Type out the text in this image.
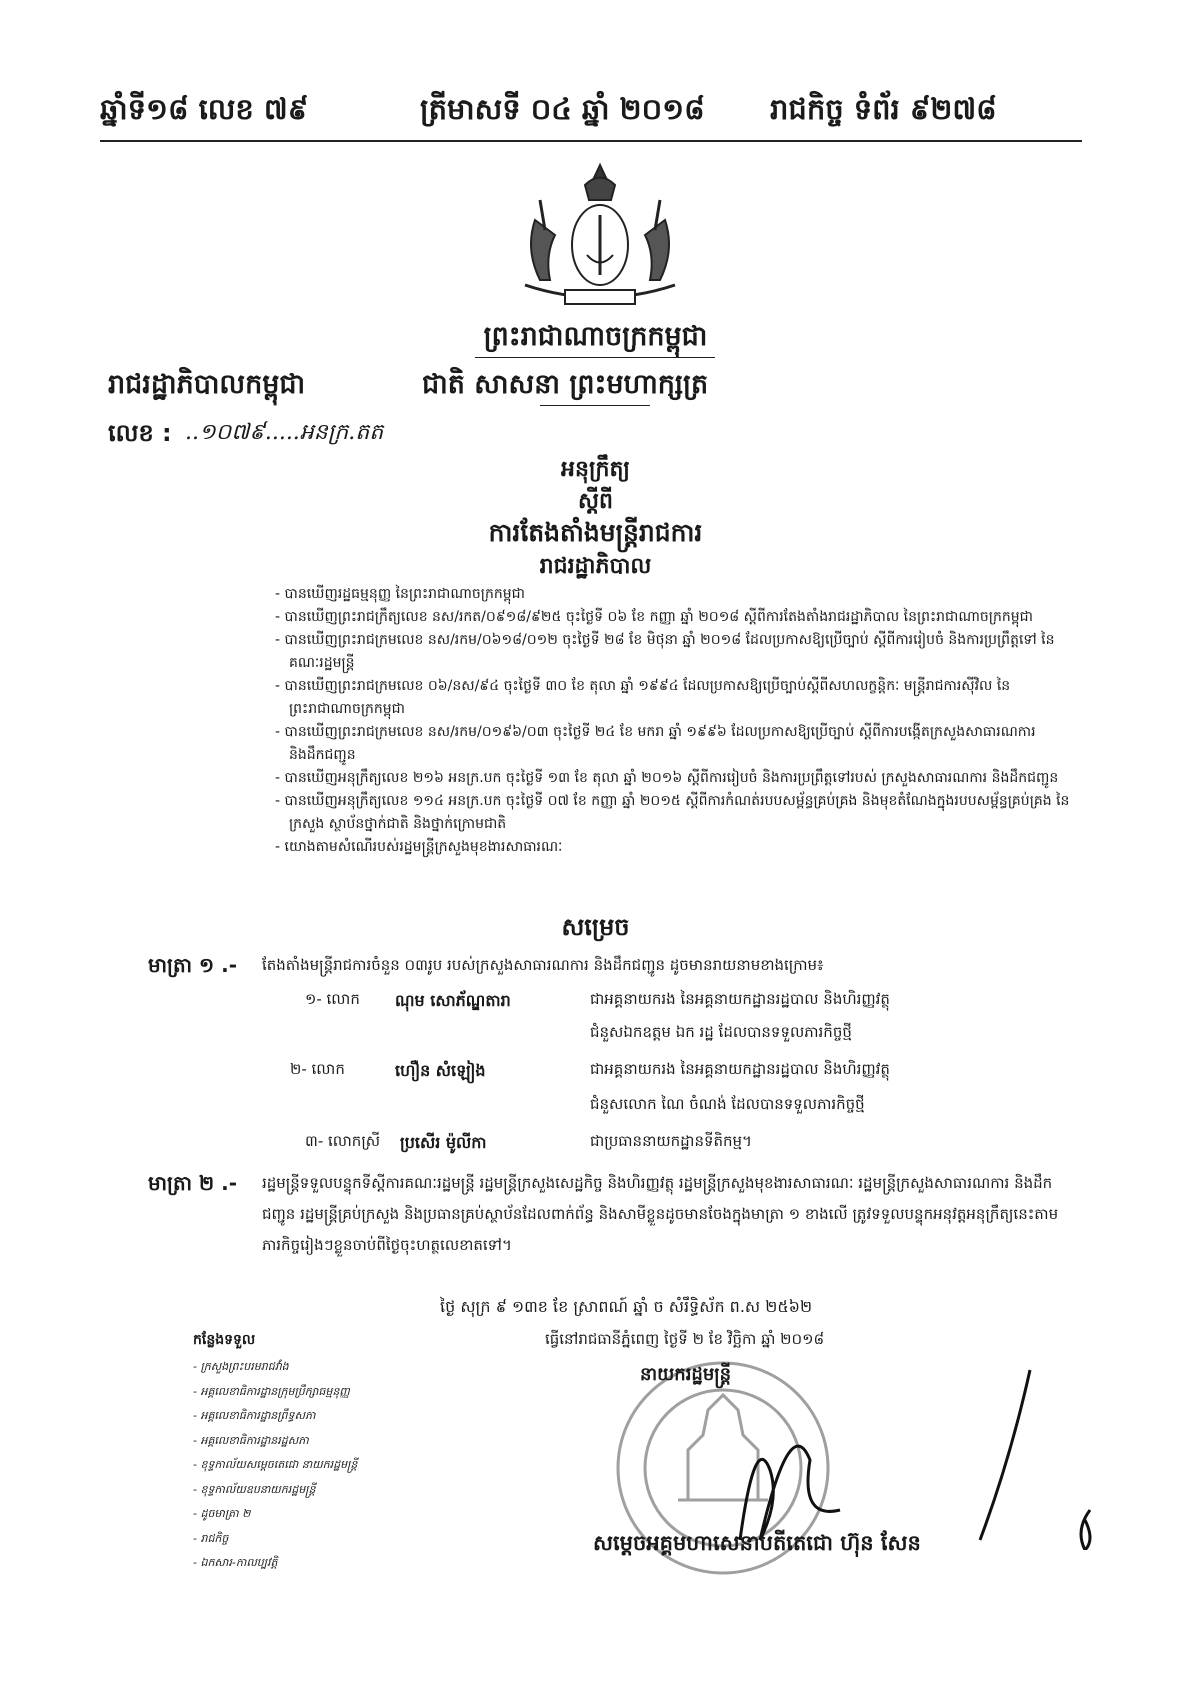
ឆ្នាំទី១៨ លេខ ៧៩	ត្រីមាសទី ០៤ ឆ្នាំ ២០១៨ រាជកិច្ច ទំព័រ ៩២៧៨
ព្រះរាជាណាចក្រកម្ពុជា
រាជរដ្ឋាភិបាលកម្ពុជា	ជាតិ សាសនា ព្រះមហាក្សត្រ
លេខ : ..១០៧៩.....អនក្រ.តត
អនុក្រឹត្យ
ស្តីពី
ការតែងតាំងមន្រ្តីរាជការ
រាជរដ្ឋាភិបាល
- បានឃើញរដ្ឋធម្មនុញ្ញ នៃព្រះរាជាណាចក្រកម្ពុជា
- បានឃើញព្រះរាជក្រឹត្យលេខ នស/រកត/០៩១៨/៩២៥ ចុះថ្ងៃទី ០៦ ខែ កញ្ញា ឆ្នាំ ២០១៨ ស្តីពីការតែងតាំងរាជរដ្ឋាភិបាល នៃព្រះរាជាណាចក្រកម្ពុជា
- បានឃើញព្រះរាជក្រមលេខ នស/រកម/០៦១៨/០១២ ចុះថ្ងៃទី ២៨ ខែ មិថុនា ឆ្នាំ ២០១៨ ដែលប្រកាសឱ្យប្រើច្បាប់ ស្តីពីការរៀបចំ និងការប្រព្រឹត្តទៅ នៃគណៈរដ្ឋមន្ត្រី
- បានឃើញព្រះរាជក្រមលេខ ០៦/នស/៩៤ ចុះថ្ងៃទី ៣០ ខែ តុលា ឆ្នាំ ១៩៩៤ ដែលប្រកាសឱ្យប្រើច្បាប់ស្តីពីសហលក្ខន្តិកៈ មន្ត្រីរាជការស៊ីវិល នៃព្រះរាជាណាចក្រកម្ពុជា
- បានឃើញព្រះរាជក្រមលេខ នស/រកម/០១៩៦/០៣ ចុះថ្ងៃទី ២៤ ខែ មករា ឆ្នាំ ១៩៩៦ ដែលប្រកាសឱ្យប្រើច្បាប់ ស្តីពីការបង្កើតក្រសួងសាធារណការ និងដឹកជញ្ជូន
- បានឃើញអនុក្រឹត្យលេខ ២១៦ អនក្រ.បក ចុះថ្ងៃទី ១៣ ខែ តុលា ឆ្នាំ ២០១៦ ស្តីពីការរៀបចំ និងការប្រព្រឹត្តទៅរបស់ ក្រសួងសាធារណការ និងដឹកជញ្ជូន
- បានឃើញអនុក្រឹត្យលេខ ១១៤ អនក្រ.បក ចុះថ្ងៃទី ០៧ ខែ កញ្ញា ឆ្នាំ ២០១៥ ស្តីពីការកំណត់របបសម្ព័ន្ធគ្រប់គ្រង និងមុខតំណែងក្នុងរបបសម្ព័ន្ធគ្រប់គ្រង នៃក្រសួង ស្ថាប័នថ្នាក់ជាតិ និងថ្នាក់ក្រោមជាតិ
- យោងតាមសំណើរបស់រដ្ឋមន្ត្រីក្រសួងមុខងារសាធារណៈ
សម្រេច
មាត្រា ១ .- តែងតាំងមន្ត្រីរាជការចំនួន ០៣រូប របស់ក្រសួងសាធារណការ និងដឹកជញ្ជូន ដូចមានរាយនាមខាងក្រោម៖
១- លោក ណុម សោភ័ណ្ឌតារា	ជាអគ្គនាយករង នៃអគ្គនាយកដ្ឋានរដ្ឋបាល និងហិរញ្ញវត្ថុ
ជំនួសឯកឧត្តម ឯក រដ្ឋ ដែលបានទទួលភារកិច្ចថ្មី
២- លោក	ហឿន សំឡៀង	ជាអគ្គនាយករង នៃអគ្គនាយកដ្ឋានរដ្ឋបាល និងហិរញ្ញវត្ថុ
ជំនួសលោក ណៃ ចំណង់ ដែលបានទទួលភារកិច្ចថ្មី
៣- លោកស្រី ប្រសើរ ម៉ូលីកា	ជាប្រធាននាយកដ្ឋានទីតិកម្ម។
មាត្រា ២ .- រដ្ឋមន្ត្រីទទួលបន្ទុកទីស្តីការគណៈរដ្ឋមន្ត្រី រដ្ឋមន្ត្រីក្រសួងសេដ្ឋកិច្ច និងហិរញ្ញវត្ថុ រដ្ឋមន្ត្រីក្រសួងមុខងារសាធារណៈ រដ្ឋមន្ត្រីក្រសួងសាធារណការ និងដឹកជញ្ជូន រដ្ឋមន្ត្រីគ្រប់ក្រសួង និងប្រធានគ្រប់ស្ថាប័នដែលពាក់ព័ន្ធ និងសាមីខ្លួនដូចមានចែងក្នុងមាត្រា ១ ខាងលើ ត្រូវទទួលបន្ទុកអនុវត្តអនុក្រឹត្យនេះតាមភារកិច្ចរៀងៗខ្លួនចាប់ពីថ្ងៃចុះហត្ថលេខាតទៅ។
ថ្ងៃ សុក្រ ៩ ១៣ខ ខែ ស្រាពណ៍ ឆ្នាំ ច សំរឹទ្ធិស័ក ព.ស ២៥៦២
ធ្វើនៅរាជធានីភ្នំពេញ ថ្ងៃទី ២ ខែ វិច្ឆិកា ឆ្នាំ ២០១៨
នាយករដ្ឋមន្រ្តី
កន្លែងទទួល
- ក្រសួងព្រះបរមរាជវាំង
- អគ្គលេខាធិការដ្ឋានក្រុមប្រឹក្សាធម្មនុញ្ញ
- អគ្គលេខាធិការដ្ឋានព្រឹទ្ធសភា
- អគ្គលេខាធិការដ្ឋានរដ្ឋសភា
- ខុទ្ទកាល័យសម្តេចតេជោ នាយករដ្ឋមន្ត្រី
- ខុទ្ទកាល័យឧបនាយករដ្ឋមន្ត្រី
- ដូចមាត្រា ២
- រាជកិច្ច
- ឯកសារ-កាលប្បវត្តិ
សម្ដេចអគ្គមហាសេនាបតីតេជោ ហ៊ុន សែន
